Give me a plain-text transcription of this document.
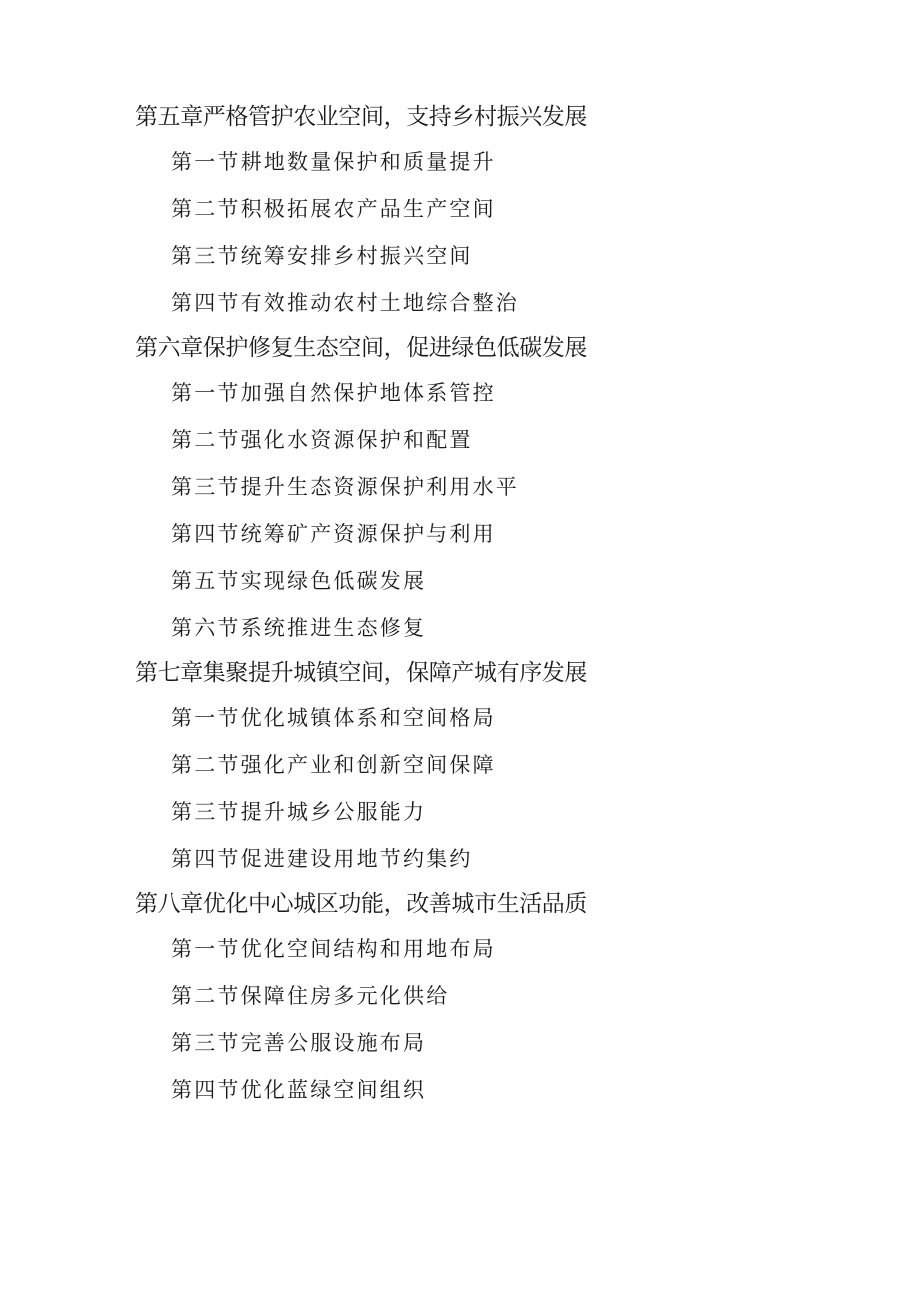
第五章严格管护农业空间，支持乡村振兴发展
第一节耕地数量保护和质量提升
第二节积极拓展农产品生产空间
第三节统筹安排乡村振兴空间
第四节有效推动农村土地综合整治
第六章保护修复生态空间，促进绿色低碳发展
第一节加强自然保护地体系管控
第二节强化水资源保护和配置
第三节提升生态资源保护利用水平
第四节统筹矿产资源保护与利用
第五节实现绿色低碳发展
第六节系统推进生态修复
第七章集聚提升城镇空间，保障产城有序发展
第一节优化城镇体系和空间格局
第二节强化产业和创新空间保障
第三节提升城乡公服能力
第四节促进建设用地节约集约
第八章优化中心城区功能，改善城市生活品质
第一节优化空间结构和用地布局
第二节保障住房多元化供给
第三节完善公服设施布局
第四节优化蓝绿空间组织
